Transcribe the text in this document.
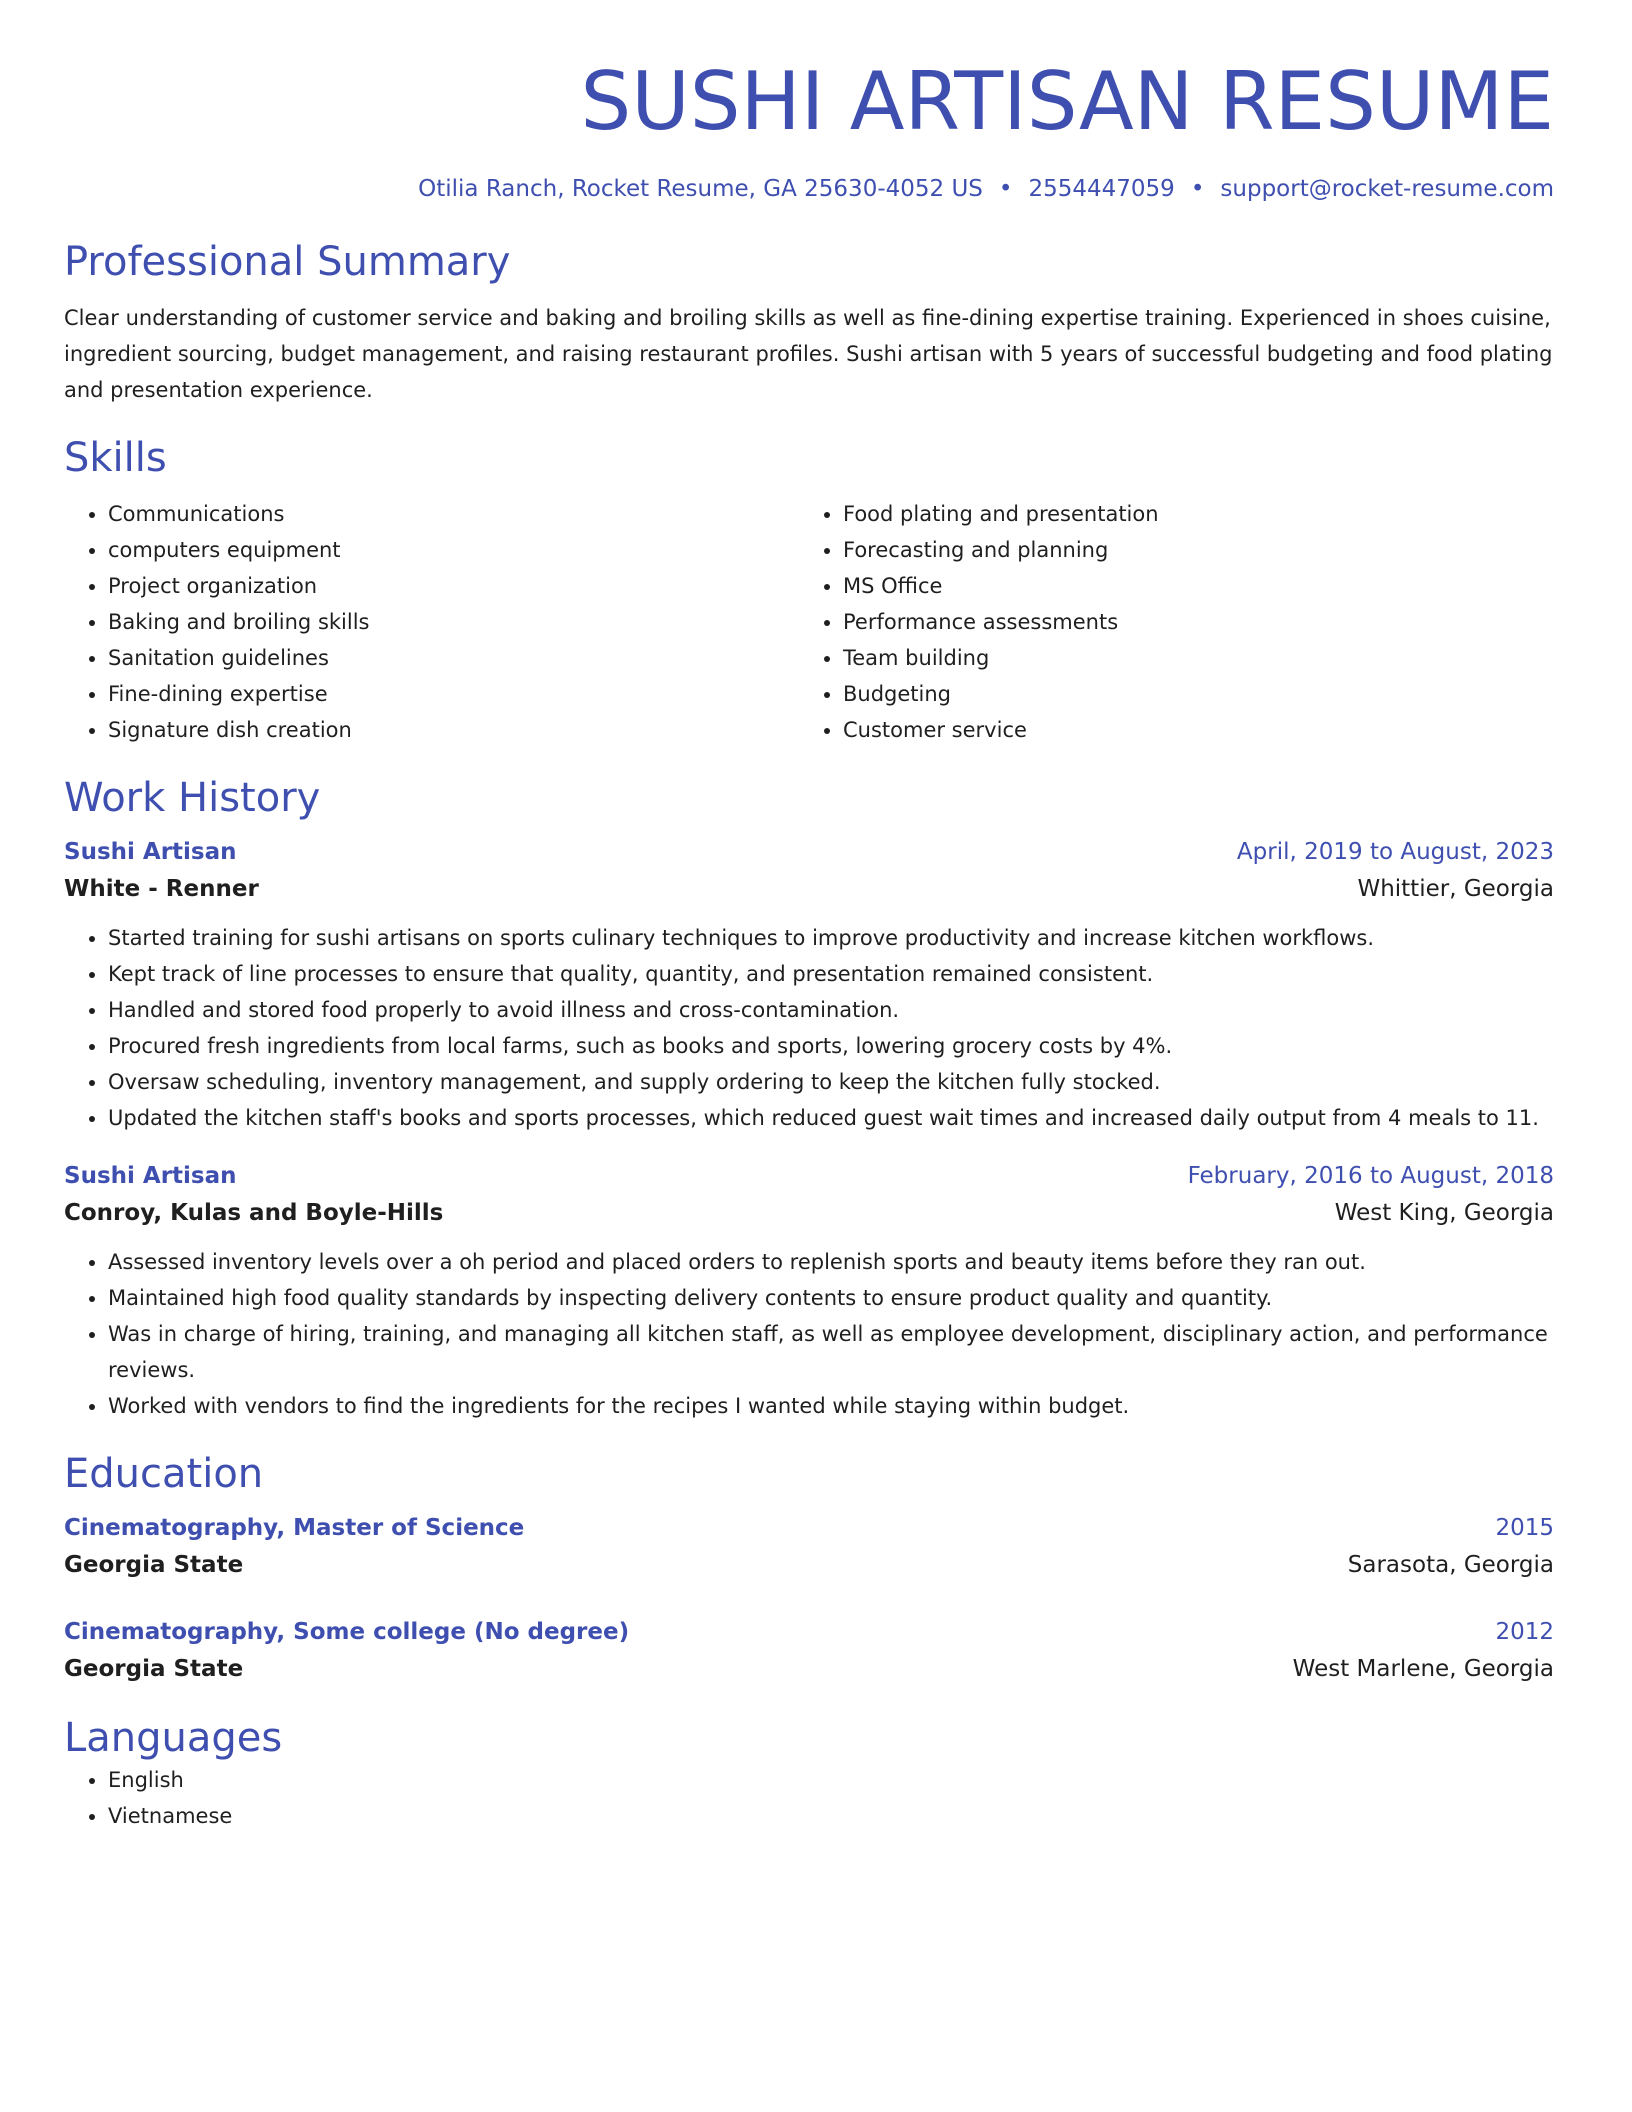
SUSHI ARTISAN RESUME
Otilia Ranch, Rocket Resume, GA 25630-4052 US • 2554447059 • support@rocket-resume.com
Professional Summary
Clear understanding of customer service and baking and broiling skills as well as fine-dining expertise training. Experienced in shoes cuisine, ingredient sourcing, budget management, and raising restaurant profiles. Sushi artisan with 5 years of successful budgeting and food plating and presentation experience.
Skills
• Communications
• computers equipment
• Project organization
• Baking and broiling skills
• Sanitation guidelines
• Fine-dining expertise
• Signature dish creation
• Food plating and presentation
• Forecasting and planning
• MS Office
• Performance assessments
• Team building
• Budgeting
• Customer service
Work History
Sushi Artisan	April, 2019 to August, 2023
White - Renner	Whittier, Georgia
• Started training for sushi artisans on sports culinary techniques to improve productivity and increase kitchen workflows.
• Kept track of line processes to ensure that quality, quantity, and presentation remained consistent.
• Handled and stored food properly to avoid illness and cross-contamination.
• Procured fresh ingredients from local farms, such as books and sports, lowering grocery costs by 4%.
• Oversaw scheduling, inventory management, and supply ordering to keep the kitchen fully stocked.
• Updated the kitchen staff's books and sports processes, which reduced guest wait times and increased daily output from 4 meals to 11.
Sushi Artisan	February, 2016 to August, 2018
Conroy, Kulas and Boyle-Hills	West King, Georgia
• Assessed inventory levels over a oh period and placed orders to replenish sports and beauty items before they ran out.
• Maintained high food quality standards by inspecting delivery contents to ensure product quality and quantity.
• Was in charge of hiring, training, and managing all kitchen staff, as well as employee development, disciplinary action, and performance reviews.
• Worked with vendors to find the ingredients for the recipes I wanted while staying within budget.
Education
Cinematography, Master of Science	2015
Georgia State	Sarasota, Georgia
Cinematography, Some college (No degree)	2012
Georgia State	West Marlene, Georgia
Languages
• English
• Vietnamese
